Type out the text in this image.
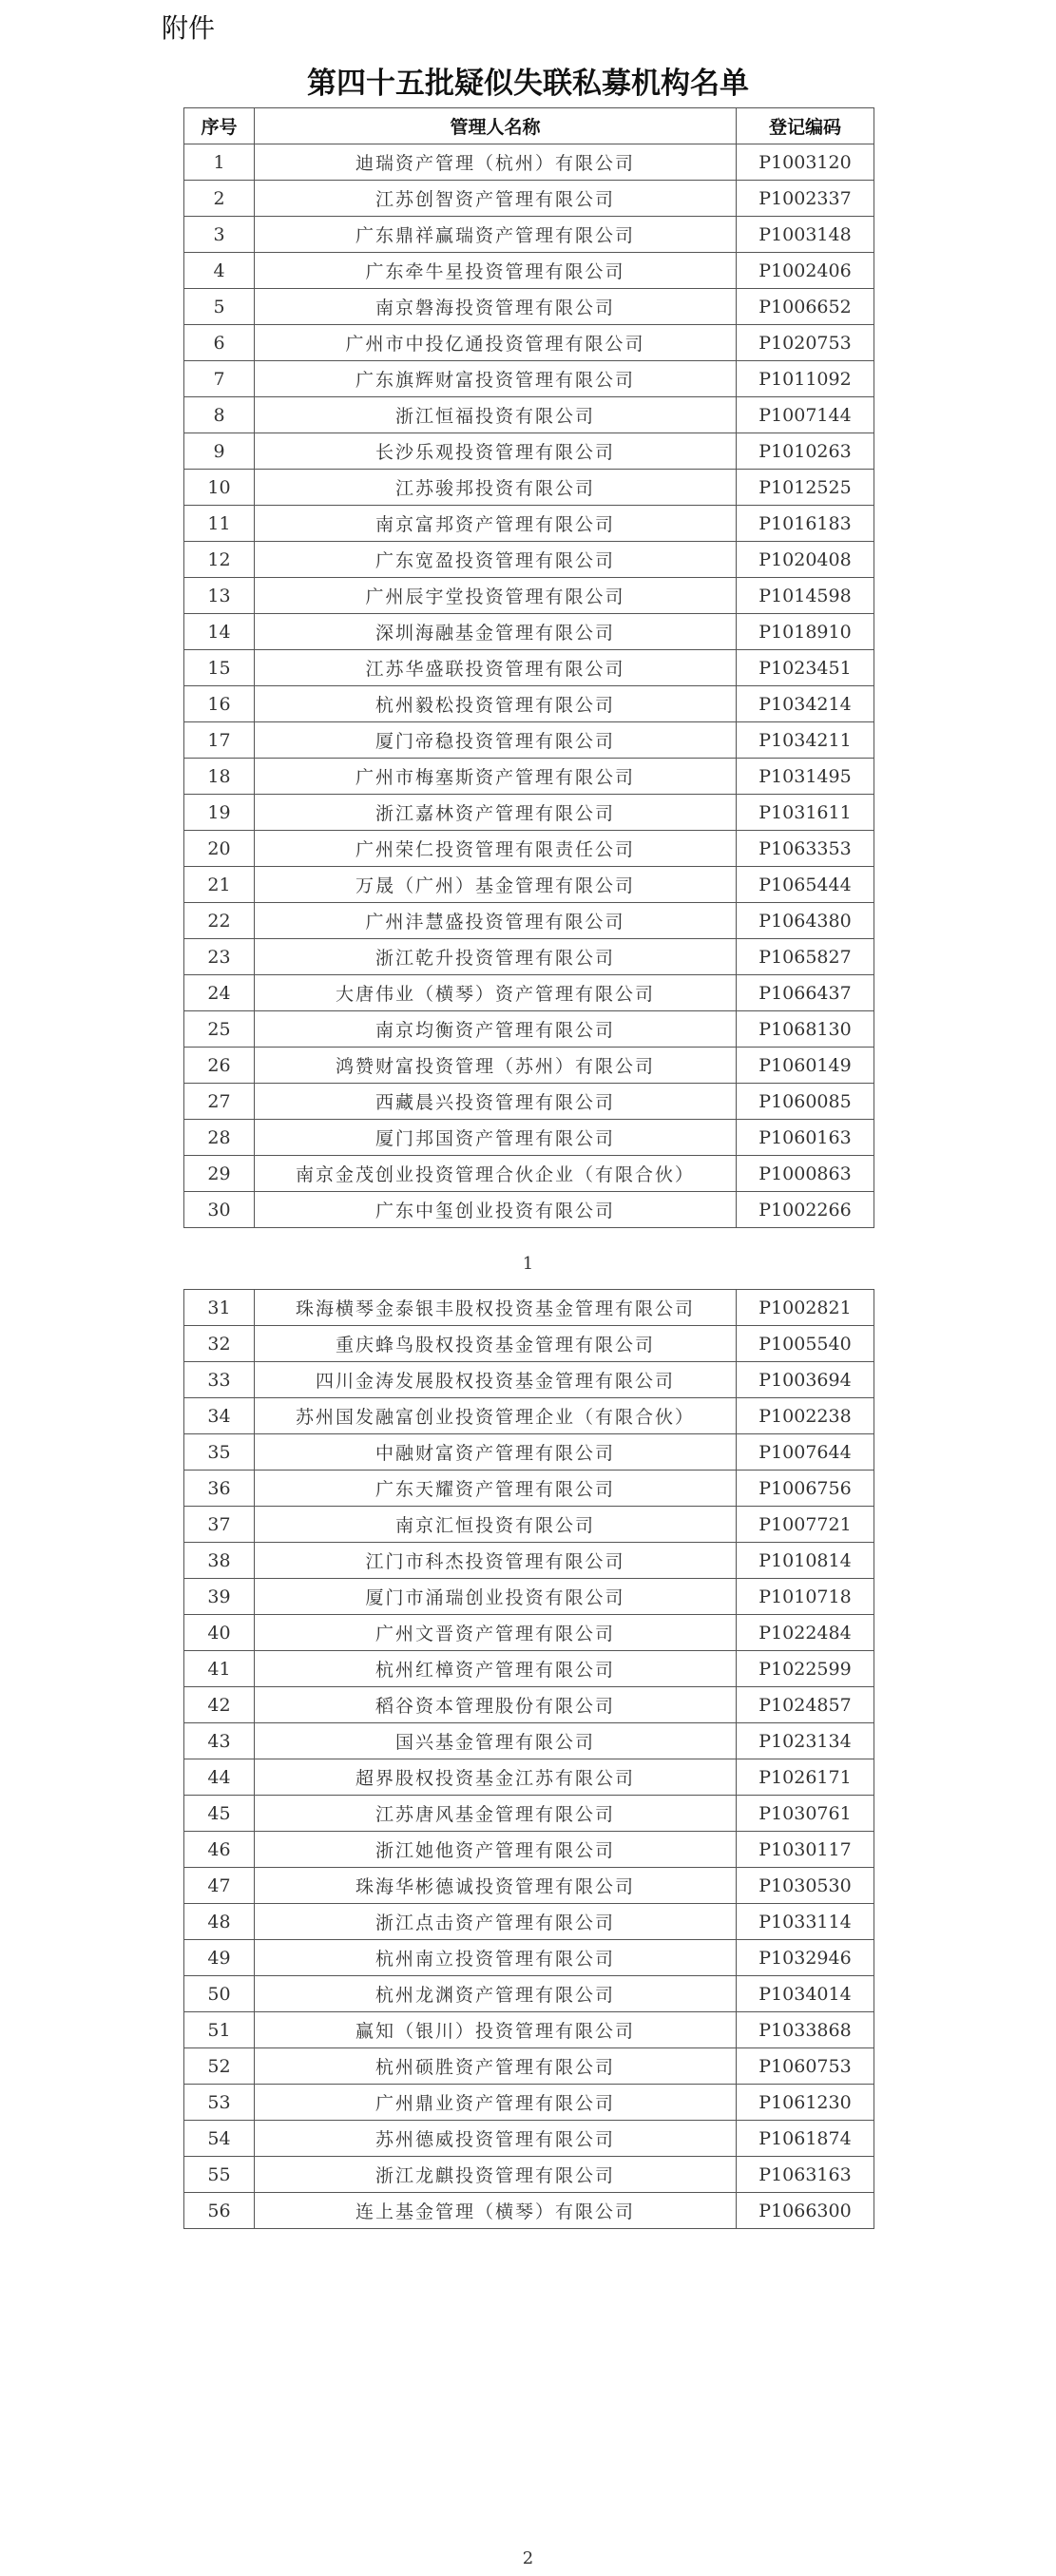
附件
第四十五批疑似失联私募机构名单
序号	管理人名称	登记编码
1	迪瑞资产管理（杭州）有限公司	P1003120
2	江苏创智资产管理有限公司	P1002337
3	广东鼎祥赢瑞资产管理有限公司	P1003148
4	广东牵牛星投资管理有限公司	P1002406
5	南京磐海投资管理有限公司	P1006652
6	广州市中投亿通投资管理有限公司	P1020753
7	广东旗辉财富投资管理有限公司	P1011092
8	浙江恒福投资有限公司	P1007144
9	长沙乐观投资管理有限公司	P1010263
10	江苏骏邦投资有限公司	P1012525
11	南京富邦资产管理有限公司	P1016183
12	广东宽盈投资管理有限公司	P1020408
13	广州辰宇堂投资管理有限公司	P1014598
14	深圳海融基金管理有限公司	P1018910
15	江苏华盛联投资管理有限公司	P1023451
16	杭州毅松投资管理有限公司	P1034214
17	厦门帝稳投资管理有限公司	P1034211
18	广州市梅塞斯资产管理有限公司	P1031495
19	浙江嘉林资产管理有限公司	P1031611
20	广州荣仁投资管理有限责任公司	P1063353
21	万晟（广州）基金管理有限公司	P1065444
22	广州沣慧盛投资管理有限公司	P1064380
23	浙江乾升投资管理有限公司	P1065827
24	大唐伟业（横琴）资产管理有限公司	P1066437
25	南京均衡资产管理有限公司	P1068130
26	鸿赞财富投资管理（苏州）有限公司	P1060149
27	西藏晨兴投资管理有限公司	P1060085
28	厦门邦国资产管理有限公司	P1060163
29	南京金茂创业投资管理合伙企业（有限合伙）	P1000863
30	广东中玺创业投资有限公司	P1002266
1
31	珠海横琴金泰银丰股权投资基金管理有限公司	P1002821
32	重庆蜂鸟股权投资基金管理有限公司	P1005540
33	四川金涛发展股权投资基金管理有限公司	P1003694
34	苏州国发融富创业投资管理企业（有限合伙）	P1002238
35	中融财富资产管理有限公司	P1007644
36	广东天耀资产管理有限公司	P1006756
37	南京汇恒投资有限公司	P1007721
38	江门市科杰投资管理有限公司	P1010814
39	厦门市涌瑞创业投资有限公司	P1010718
40	广州文晋资产管理有限公司	P1022484
41	杭州红樟资产管理有限公司	P1022599
42	稻谷资本管理股份有限公司	P1024857
43	国兴基金管理有限公司	P1023134
44	超界股权投资基金江苏有限公司	P1026171
45	江苏唐风基金管理有限公司	P1030761
46	浙江她他资产管理有限公司	P1030117
47	珠海华彬德诚投资管理有限公司	P1030530
48	浙江点击资产管理有限公司	P1033114
49	杭州南立投资管理有限公司	P1032946
50	杭州龙渊资产管理有限公司	P1034014
51	赢知（银川）投资管理有限公司	P1033868
52	杭州硕胜资产管理有限公司	P1060753
53	广州鼎业资产管理有限公司	P1061230
54	苏州德威投资管理有限公司	P1061874
55	浙江龙麒投资管理有限公司	P1063163
56	连上基金管理（横琴）有限公司	P1066300
2
